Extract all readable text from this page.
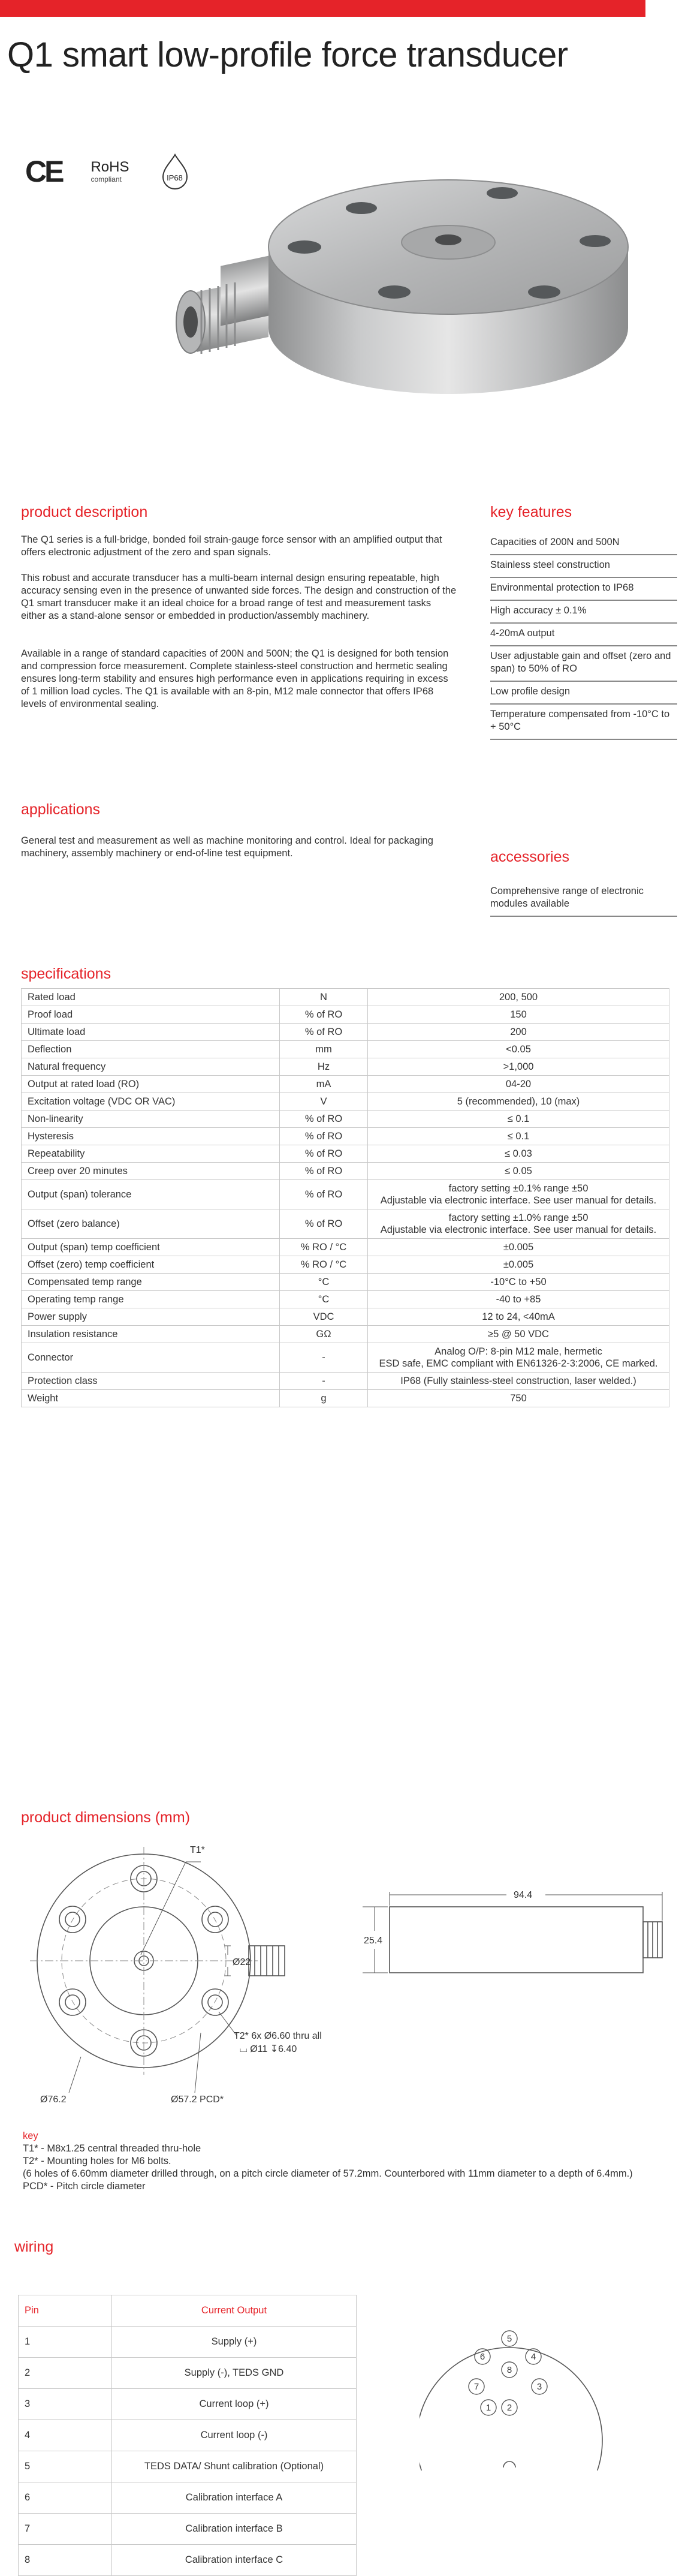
Q1 smart low-profile force transducer
CE RoHS
compliant	IP68
product description

The Q1 series is a full-bridge, bonded foil strain-gauge force sensor with an amplified output that offers electronic adjustment of the zero and span signals.

This robust and accurate transducer has a multi-beam internal design ensuring repeatable, high accuracy sensing even in the presence of unwanted side forces. The design and construction of the Q1 smart transducer make it an ideal choice for a broad range of test and measurement tasks either as a stand-alone sensor or embedded in production/assembly machinery.

Available in a range of standard capacities of 200N and 500N; the Q1 is designed for both tension and compression force measurement. Complete stainless-steel construction and hermetic sealing ensures long-term stability and ensures high performance even in applications requiring in excess of 1 million load cycles. The Q1 is available with an 8-pin, M12 male connector that offers IP68 levels of environmental sealing.

applications

General test and measurement as well as machine monitoring and control. Ideal for packaging machinery, assembly machinery or end-of-line test equipment.

key features
Capacities of 200N and 500N
Stainless steel construction
Environmental protection to IP68
High accuracy ± 0.1%
4-20mA output
User adjustable gain and offset (zero and span) to 50% of RO
Low profile design
Temperature compensated from -10°C to + 50°C
accessories
Comprehensive range of electronic modules available
specifications
Rated load	N	200, 500
Proof load	% of RO	150
Ultimate load	% of RO	200
Deflection	mm	<0.05
Natural frequency	Hz	>1,000
Output at rated load (RO)	mA	04-20
Excitation voltage (VDC OR VAC)	V	5 (recommended), 10 (max)
Non-linearity	% of RO	≤ 0.1
Hysteresis	% of RO	≤ 0.1
Repeatability	% of RO	≤ 0.03
Creep over 20 minutes	% of RO	≤ 0.05
Output (span) tolerance	% of RO	factory setting ±0.1% range ±50
Adjustable via electronic interface. See user manual for details.
Offset (zero balance)	% of RO	factory setting ±1.0% range ±50
Adjustable via electronic interface. See user manual for details.
Output (span) temp coefficient	% RO / °C	±0.005
Offset (zero) temp coefficient	% RO / °C	±0.005
Compensated temp range	°C	-10°C to +50
Operating temp range	°C	-40 to +85
Power supply	VDC	12 to 24, <40mA
Insulation resistance	GΩ	≥5 @ 50 VDC
Connector	-	Analog O/P: 8-pin M12 male, hermetic
ESD safe, EMC compliant with EN61326-2-3:2006, CE marked.
Protection class	-	IP68 (Fully stainless-steel construction, laser welded.)
Weight	g	750
product dimensions (mm)
T1*
Ø22
T2* 6x Ø6.60 thru all
⌴ Ø11 ↧6.40
Ø76.2	Ø57.2 PCD*
94.4
25.4
key
T1* - M8x1.25 central threaded thru-hole
T2* - Mounting holes for M6 bolts.
(6 holes of 6.60mm diameter drilled through, on a pitch circle diameter of 57.2mm. Counterbored with 11mm diameter to a depth of 6.4mm.)
PCD* - Pitch circle diameter
wiring
Pin	Current Output
1	Supply (+)
2	Supply (-), TEDS GND
3	Current loop (+)
4	Current loop (-)
5	TEDS DATA/ Shunt calibration (Optional)
6	Calibration interface A
7	Calibration interface B
8	Calibration interface C
1 2
3
4
5
6
7
8
